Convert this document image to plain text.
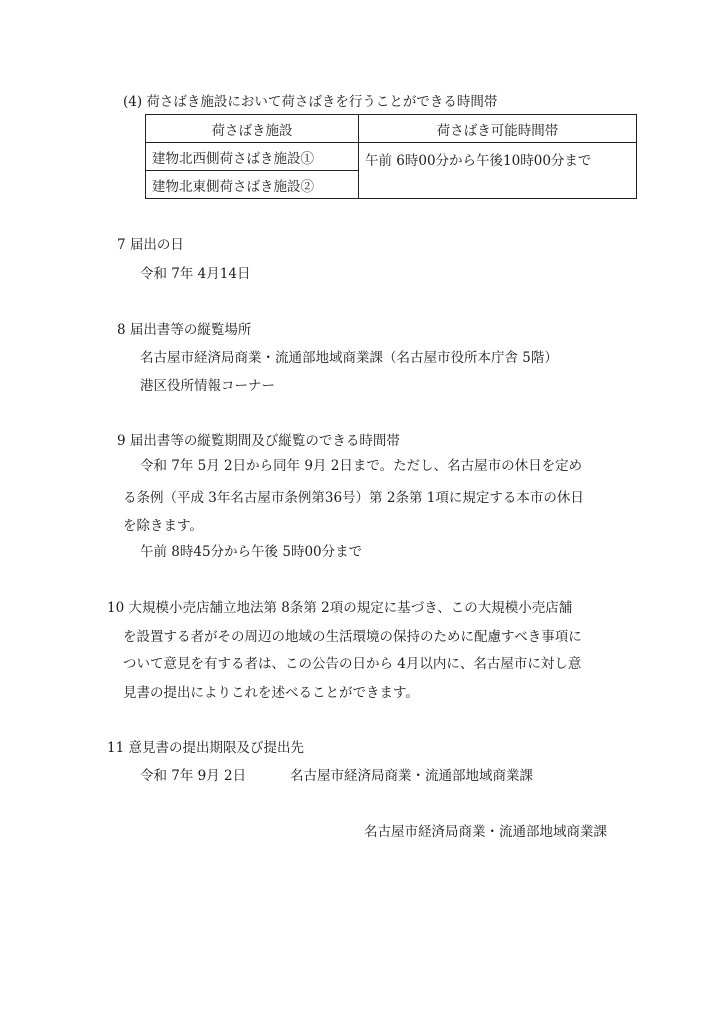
(4) 荷さばき施設において荷さばきを行うことができる時間帯
荷さばき施設	荷さばき可能時間帯
建物北西側荷さばき施設①	午前 6時00分から午後10時00分まで
建物北東側荷さばき施設②	
7 届出の日
令和 7年 4月14日
8 届出書等の縦覧場所
名古屋市経済局商業・流通部地域商業課（名古屋市役所本庁舎 5階）
港区役所情報コーナー
9 届出書等の縦覧期間及び縦覧のできる時間帯

令和 7年 5月 2日から同年 9月 2日まで。ただし、名古屋市の休日を定め

る条例（平成 3年名古屋市条例第36号）第 2条第 1項に規定する本市の休日
を除きます。
午前 8時45分から午後 5時00分まで
10 大規模小売店舗立地法第 8条第 2項の規定に基づき、この大規模小売店舗
を設置する者がその周辺の地域の生活環境の保持のために配慮すべき事項に
ついて意見を有する者は、この公告の日から 4月以内に、名古屋市に対し意
見書の提出によりこれを述べることができます。
11 意見書の提出期限及び提出先
令和 7年 9月 2日	名古屋市経済局商業・流通部地域商業課
名古屋市経済局商業・流通部地域商業課
